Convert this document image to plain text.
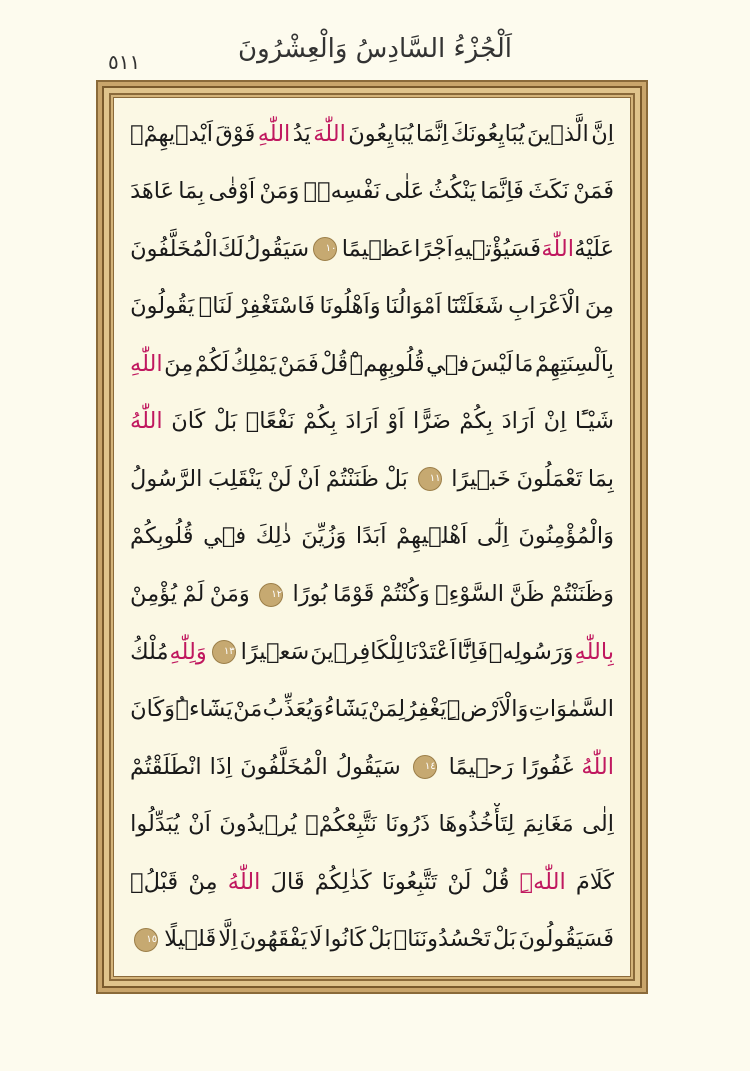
٥١١	اَلْجُزْءُ السَّادِسُ وَالْعِشْرُونَ
اِنَّ
الَّذ۪ينَ
يُبَايِعُونَكَ
اِنَّمَا
يُبَايِعُونَ
اللّٰهَ
يَدُ
اللّٰهِ
فَوْقَ
اَيْد۪يهِمْۚ
فَمَنْ
نَكَثَ
فَاِنَّمَا
يَنْكُثُ
عَلٰى
نَفْسِه۪ۚ
وَمَنْ
اَوْفٰى
بِمَا
عَاهَدَ
عَلَيْهُ
اللّٰهَ
فَسَيُؤْت۪يهِ
اَجْرًا
عَظ۪يمًا
١٠
سَيَقُولُ
لَكَ
الْمُخَلَّفُونَ
مِنَ
الْاَعْرَابِ
شَغَلَتْنَٓا
اَمْوَالُنَا
وَاَهْلُونَا
فَاسْتَغْفِرْ
لَنَاۚ
يَقُولُونَ
بِاَلْسِنَتِهِمْ
مَا
لَيْسَ
ف۪ي
قُلُوبِهِمْۜ
قُلْ
فَمَنْ
يَمْلِكُ
لَكُمْ
مِنَ
اللّٰهِ
شَيْـًٔا
اِنْ
اَرَادَ
بِكُمْ
ضَرًّا
اَوْ
اَرَادَ
بِكُمْ
نَفْعًاۜ
بَلْ
كَانَ
اللّٰهُ
بِمَا
تَعْمَلُونَ
خَب۪يرًا
١١
بَلْ
ظَنَنْتُمْ
اَنْ
لَنْ
يَنْقَلِبَ
الرَّسُولُ
وَالْمُؤْمِنُونَ
اِلٰٓى
اَهْل۪يهِمْ
اَبَدًا
وَزُيِّنَ
ذٰلِكَ
ف۪ي
قُلُوبِكُمْ
وَظَنَنْتُمْ
ظَنَّ
السَّوْءِۚ
وَكُنْتُمْ
قَوْمًا
بُورًا
١٢
وَمَنْ
لَمْ
يُؤْمِنْ
بِاللّٰهِ
وَرَسُولِه۪
فَاِنَّٓا
اَعْتَدْنَا
لِلْكَافِر۪ينَ
سَع۪يرًا
١٣
وَلِلّٰهِ
مُلْكُ
السَّمٰوَاتِ
وَالْاَرْضِۜ
يَغْفِرُ
لِمَنْ
يَشَٓاءُ
وَيُعَذِّبُ
مَنْ
يَشَٓاءُۜ
وَكَانَ
اللّٰهُ
غَفُورًا
رَح۪يمًا
١٤
سَيَقُولُ
الْمُخَلَّفُونَ
اِذَا
انْطَلَقْتُمْ
اِلٰى
مَغَانِمَ
لِتَأْخُذُوهَا
ذَرُونَا
نَتَّبِعْكُمْۚ
يُر۪يدُونَ
اَنْ
يُبَدِّلُوا
كَلَامَ
اللّٰهِۜ
قُلْ
لَنْ
تَتَّبِعُونَا
كَذٰلِكُمْ
قَالَ
اللّٰهُ
مِنْ
قَبْلُۚ
فَسَيَقُولُونَ
بَلْ
تَحْسُدُونَنَاۜ
بَلْ
كَانُوا
لَا
يَفْقَهُونَ
اِلَّا
قَل۪يلًا
١٥
